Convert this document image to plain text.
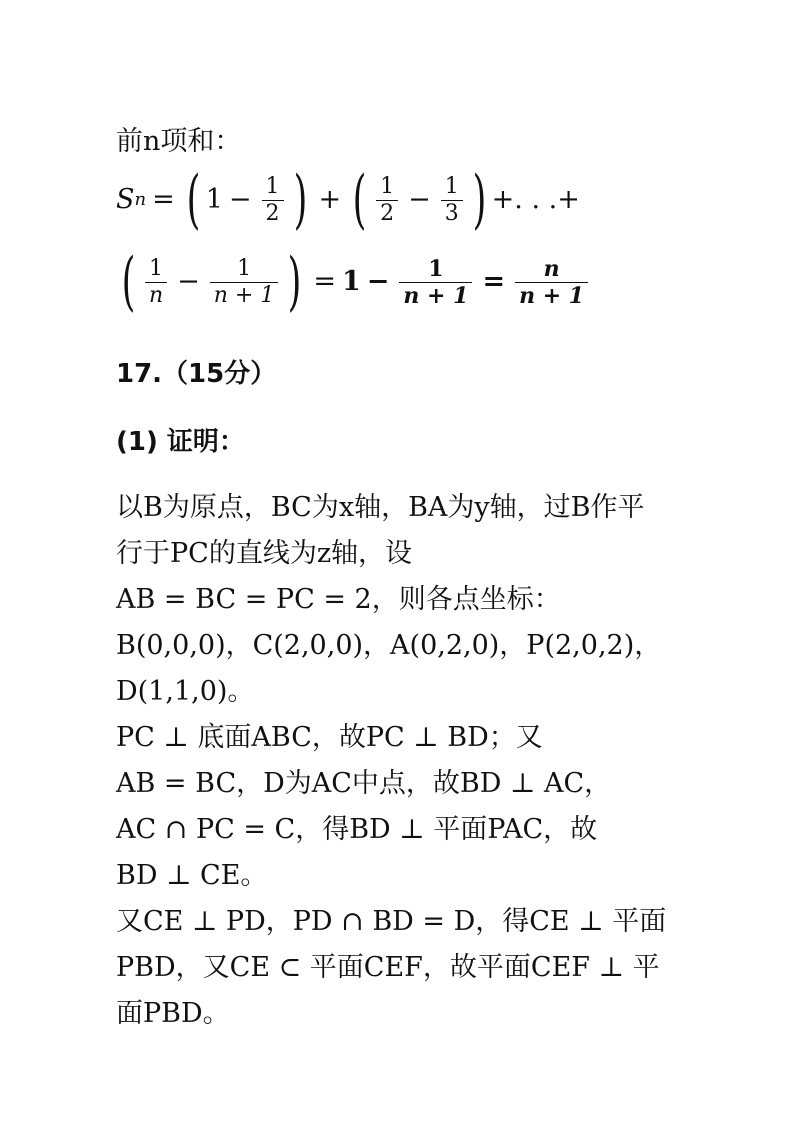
前n项和：
S n = ( $1 - \frac{1}{2}$ ) + ( $\frac{1}{2} - \frac{1}{3}$ ) +. . .+
( $\frac{1}{n} - \frac{1}{n + 1}$ ) = $1 - \frac{1}{n + 1} = \frac{n}{n + 1}$
17.（15分）
(1) 证明：
以B为原点，BC为x轴，BA为y轴，过B作平
行于PC的直线为z轴，设
AB = BC = PC = 2，则各点坐标：
B(0,0,0)，C(2,0,0)，A(0,2,0)，P(2,0,2)，
D(1,1,0)。
PC ⊥ 底面ABC，故PC ⊥ BD；又
AB = BC，D为AC中点，故BD ⊥ AC，
AC ∩ PC = C，得BD ⊥ 平面PAC，故
BD ⊥ CE。
又CE ⊥ PD，PD ∩ BD = D，得CE ⊥ 平面
PBD，又CE ⊂ 平面CEF，故平面CEF ⊥ 平
面PBD。
